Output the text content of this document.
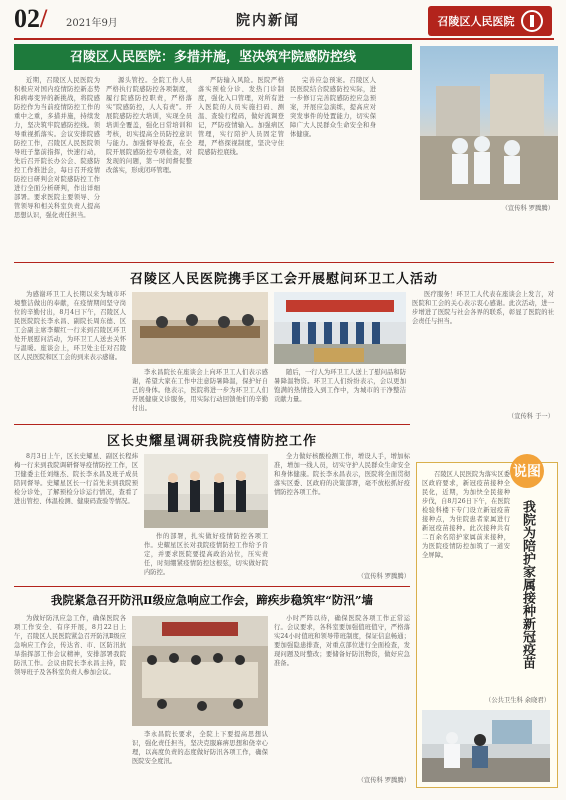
02/ 2021年9月	院内新闻	召陵区人民医院
召陵区人民医院：多措并施，坚决筑牢院感防控线

近期，召陵区人民医院为积极应对国内疫情防控新态势和病毒变异的新挑战，将院感防控作为当前疫情防控工作的重中之重，多措并施，持续发力，坚决筑牢院感防控线。领导重视抓落实。会议安排院感防控工作，召陵区人民医院领导班子靠前指挥，快速行动，先后召开院长办公会、院感防控工作推进会，每日召开疫情防控日研判会对院感防控工作进行全面分析研判，作出详细部署。要求医院主要领导、分管领导和相关科室负责人提高思想认识，强化责任担当。

源头管控。全院工作人员严格执行院感防控各项制度，履行院感防控职责，严格落实“院感防控，人人有责”。开展院感防控大培训，实现全员培训全覆盖，强化日常培训和考核，切实提高全员防控意识与能力。加强督导检查，在全院开展院感防控专项检查，对发现的问题，第一时间督促整改落实，形成闭环管理。

严防输入风险。医院严格落实预检分诊、发热门诊制度，强化入口管理，对所有进入医院的人员实施扫码、测温、查验行程码，做好流调登记，严防疫情输入。加强病区管理，实行陪护人员固定管理，严格探视制度，坚决守住院感防控底线。

完善应急预案。召陵区人民医院结合院感防控实际，进一步修订完善院感防控应急预案，开展应急演练，提高应对突发事件的处置能力，切实保障广大人民群众生命安全和身体健康。

（宣传科 罗腾腾）

召陵区人民医院携手区工会开展慰问环卫工人活动

为感谢环卫工人长期以来为城市环境整洁做出的奉献，在疫情期间坚守岗位的辛勤付出，8月4日下午，召陵区人民医院院长李永昌、副院长周东德、区工会副主席李耀红一行来到召陵区环卫处开展慰问活动，为环卫工人送去关怀与温暖。座谈会上，环卫处主任对召陵区人民医院和区工会的到来表示感谢。

医疗服务！环卫工人代表在座谈会上发言，对医院和工会的关心表示衷心感谢。此次活动，进一步增进了医院与社会各界的联系，彰显了医院的社会责任与担当。

李永昌院长在座谈会上向环卫工人们表示感谢，希望大家在工作中注意防暑降温，保护好自己的身体。他表示，医院将进一步为环卫工人们开展健康义诊服务，用实际行动回馈他们的辛勤付出。

随后，一行人为环卫工人送上了慰问品和防暑降温物资。环卫工人们纷纷表示，会以更加饱满的热情投入到工作中，为城市的干净整洁贡献力量。

（宣传科 于一）

区长史耀星调研我院疫情防控工作

8月3日上午，区长史耀星、副区长程炜梅一行来到我院调研督导疫情防控工作，区卫健委主任刘继杰、院长李永昌及班子成员陪同督导。史耀星区长一行首先来到我院预检分诊处，了解预检分诊运行情况，查看了进出管控、体温检测、健康码查验等情况。

作的部署，扎实做好疫情防控各项工作。史耀星区长对我院疫情防控工作给予肯定，并要求医院要提高政治站位，压实责任，时刻绷紧疫情防控这根弦，切实做好院内防控。

全力做好核酸检测工作，增设人手，增加标准，增加一线人员，切实守护人民群众生命安全和身体健康。院长李永昌表示，医院将全面贯彻落实区委、区政府的决策部署，毫不放松抓好疫情防控各项工作。

（宣传科 罗腾腾）

我院紧急召开防汛Ⅱ级应急响应工作会，蹄疾步稳筑牢“防汛”墙

为做好防汛应急工作，确保医院各项工作安全、有序开展，8月22日上午，召陵区人民医院紧急召开防汛Ⅱ级应急响应工作会，传达省、市、区防汛抗旱指挥部工作会议精神，安排部署我院防汛工作。会议由院长李永昌主持，院领导班子及各科室负责人参加会议。

李永昌院长要求，全院上下要提高思想认识，强化责任担当，坚决克服麻痹思想和侥幸心理，以高度负责的态度做好防汛各项工作，确保医院安全度汛。

小时严阵以待，确保医院各项工作正常运行。会议要求，各科室要加强值班值守，严格落实24小时值班和领导带班制度，保证信息畅通；要加强隐患排查，对重点部位进行全面检查，发现问题及时整改；要储备好防汛物资，做好应急准备。

（宣传科 罗腾腾）

说图
我院为陪护家属接种新冠疫苗

召陵区人民医院为落实区委区政府要求，新冠疫苗接种全民化，近期，为加快全民接种步伐，自8月26日下午，在医院检验科楼下专门设立新冠疫苗接种点，为住院患者家属进行新冠疫苗接种。此次接种共有二百余名陪护家属前来接种，为医院疫情防控加筑了一道安全屏障。

（公共卫生科 余晓君）
